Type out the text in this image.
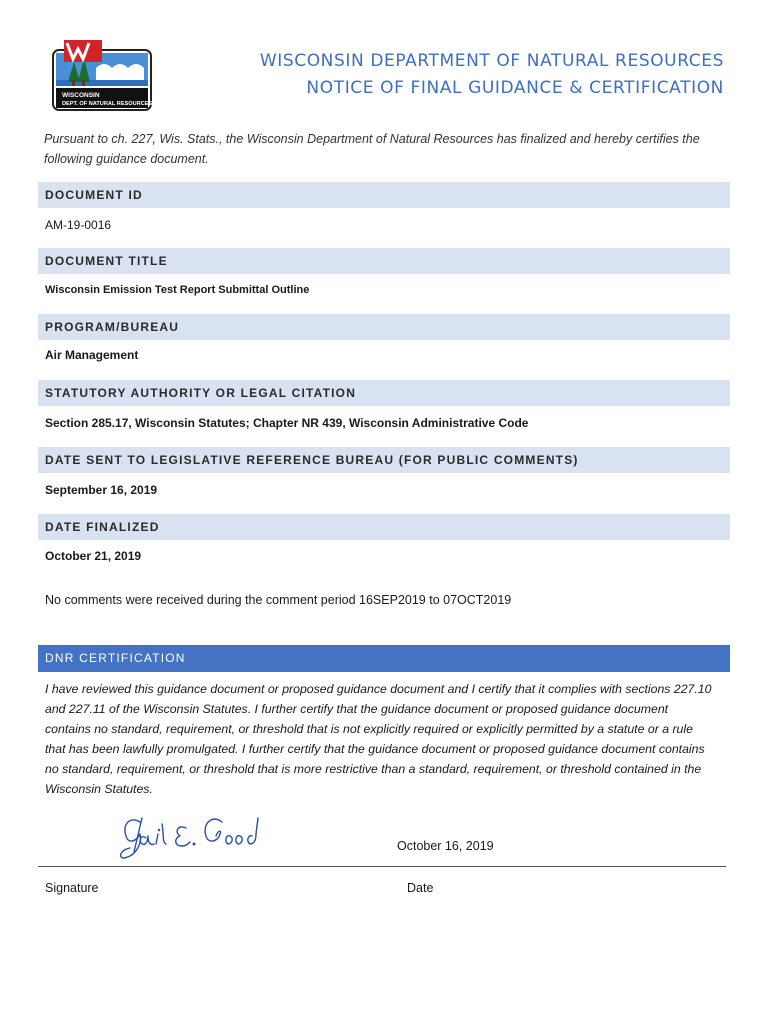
WISCONSIN
DEPT. OF NATURAL RESOURCES
WISCONSIN DEPARTMENT OF NATURAL RESOURCES
NOTICE OF FINAL GUIDANCE & CERTIFICATION
Pursuant to ch. 227, Wis. Stats., the Wisconsin Department of Natural Resources has finalized and hereby certifies the following guidance document.
DOCUMENT ID
AM-19-0016
DOCUMENT TITLE
Wisconsin Emission Test Report Submittal Outline
PROGRAM/BUREAU
Air Management
STATUTORY AUTHORITY OR LEGAL CITATION
Section 285.17, Wisconsin Statutes; Chapter NR 439, Wisconsin Administrative Code
DATE SENT TO LEGISLATIVE REFERENCE BUREAU (FOR PUBLIC COMMENTS)
September 16, 2019
DATE FINALIZED
October 21, 2019
No comments were received during the comment period 16SEP2019 to 07OCT2019
DNR CERTIFICATION
I have reviewed this guidance document or proposed guidance document and I certify that it complies with sections 227.10 and 227.11 of the Wisconsin Statutes. I further certify that the guidance document or proposed guidance document contains no standard, requirement, or threshold that is not explicitly required or explicitly permitted by a statute or a rule that has been lawfully promulgated. I further certify that the guidance document or proposed guidance document contains no standard, requirement, or threshold that is more restrictive than a standard, requirement, or threshold contained in the Wisconsin Statutes.
October 16, 2019
Signature	Date
